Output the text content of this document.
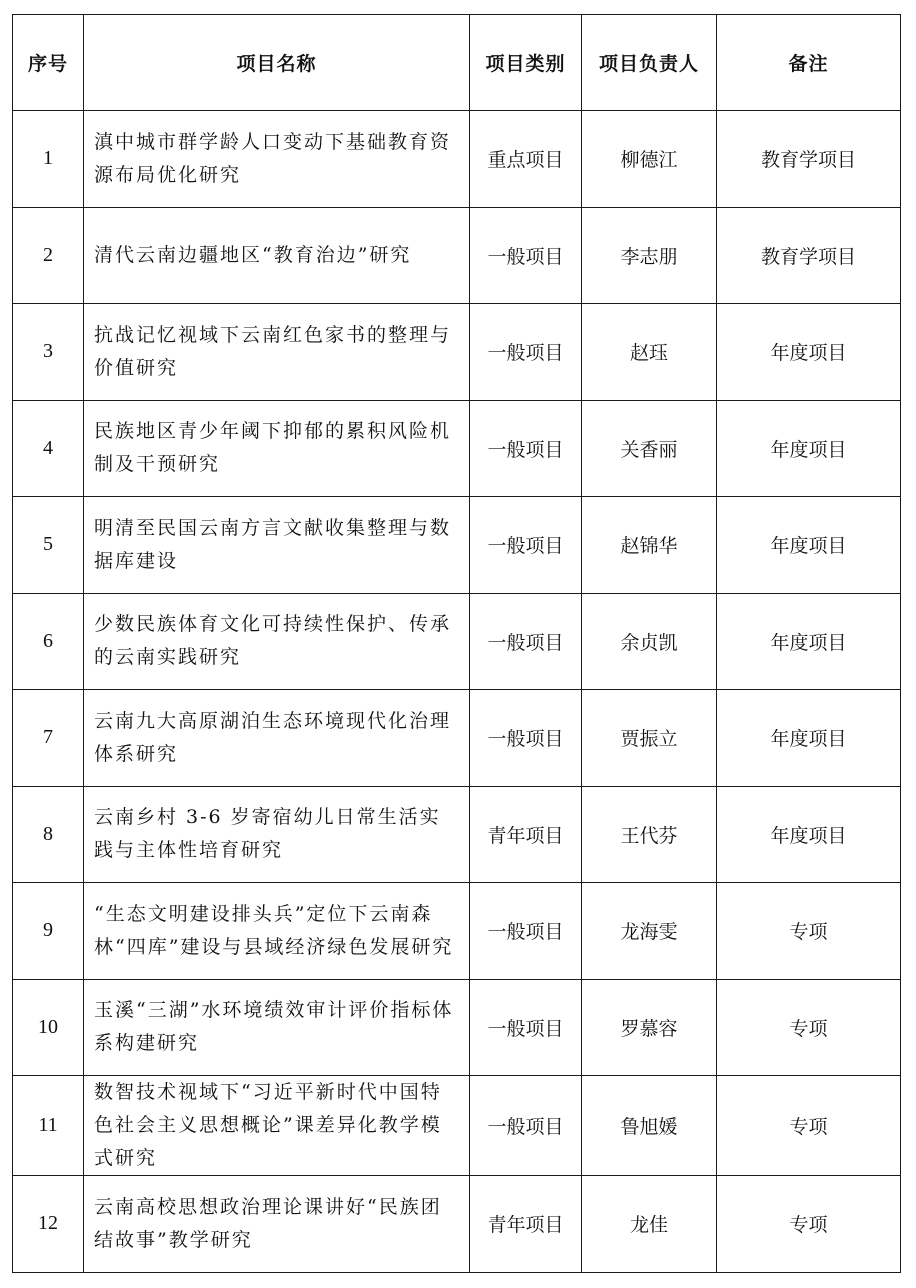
序号	项目名称	项目类别	项目负责人	备注
1	滇中城市群学龄人口变动下基础教育资源布局优化研究	重点项目	柳德江	教育学项目
2	清代云南边疆地区“教育治边”研究	一般项目	李志朋	教育学项目
3	抗战记忆视域下云南红色家书的整理与价值研究	一般项目	赵珏	年度项目
4	民族地区青少年阈下抑郁的累积风险机制及干预研究	一般项目	关香丽	年度项目
5	明清至民国云南方言文献收集整理与数据库建设	一般项目	赵锦华	年度项目
6	少数民族体育文化可持续性保护、传承的云南实践研究	一般项目	余贞凯	年度项目
7	云南九大高原湖泊生态环境现代化治理体系研究	一般项目	贾振立	年度项目
8	云南乡村 3-6 岁寄宿幼儿日常生活实践与主体性培育研究	青年项目	王代芬	年度项目
9	“生态文明建设排头兵”定位下云南森林“四库”建设与县域经济绿色发展研究	一般项目	龙海雯	专项
10	玉溪“三湖”水环境绩效审计评价指标体系构建研究	一般项目	罗慕容	专项
11	数智技术视域下“习近平新时代中国特色社会主义思想概论”课差异化教学模式研究	一般项目	鲁旭媛	专项
12	云南高校思想政治理论课讲好“民族团结故事”教学研究	青年项目	龙佳	专项
